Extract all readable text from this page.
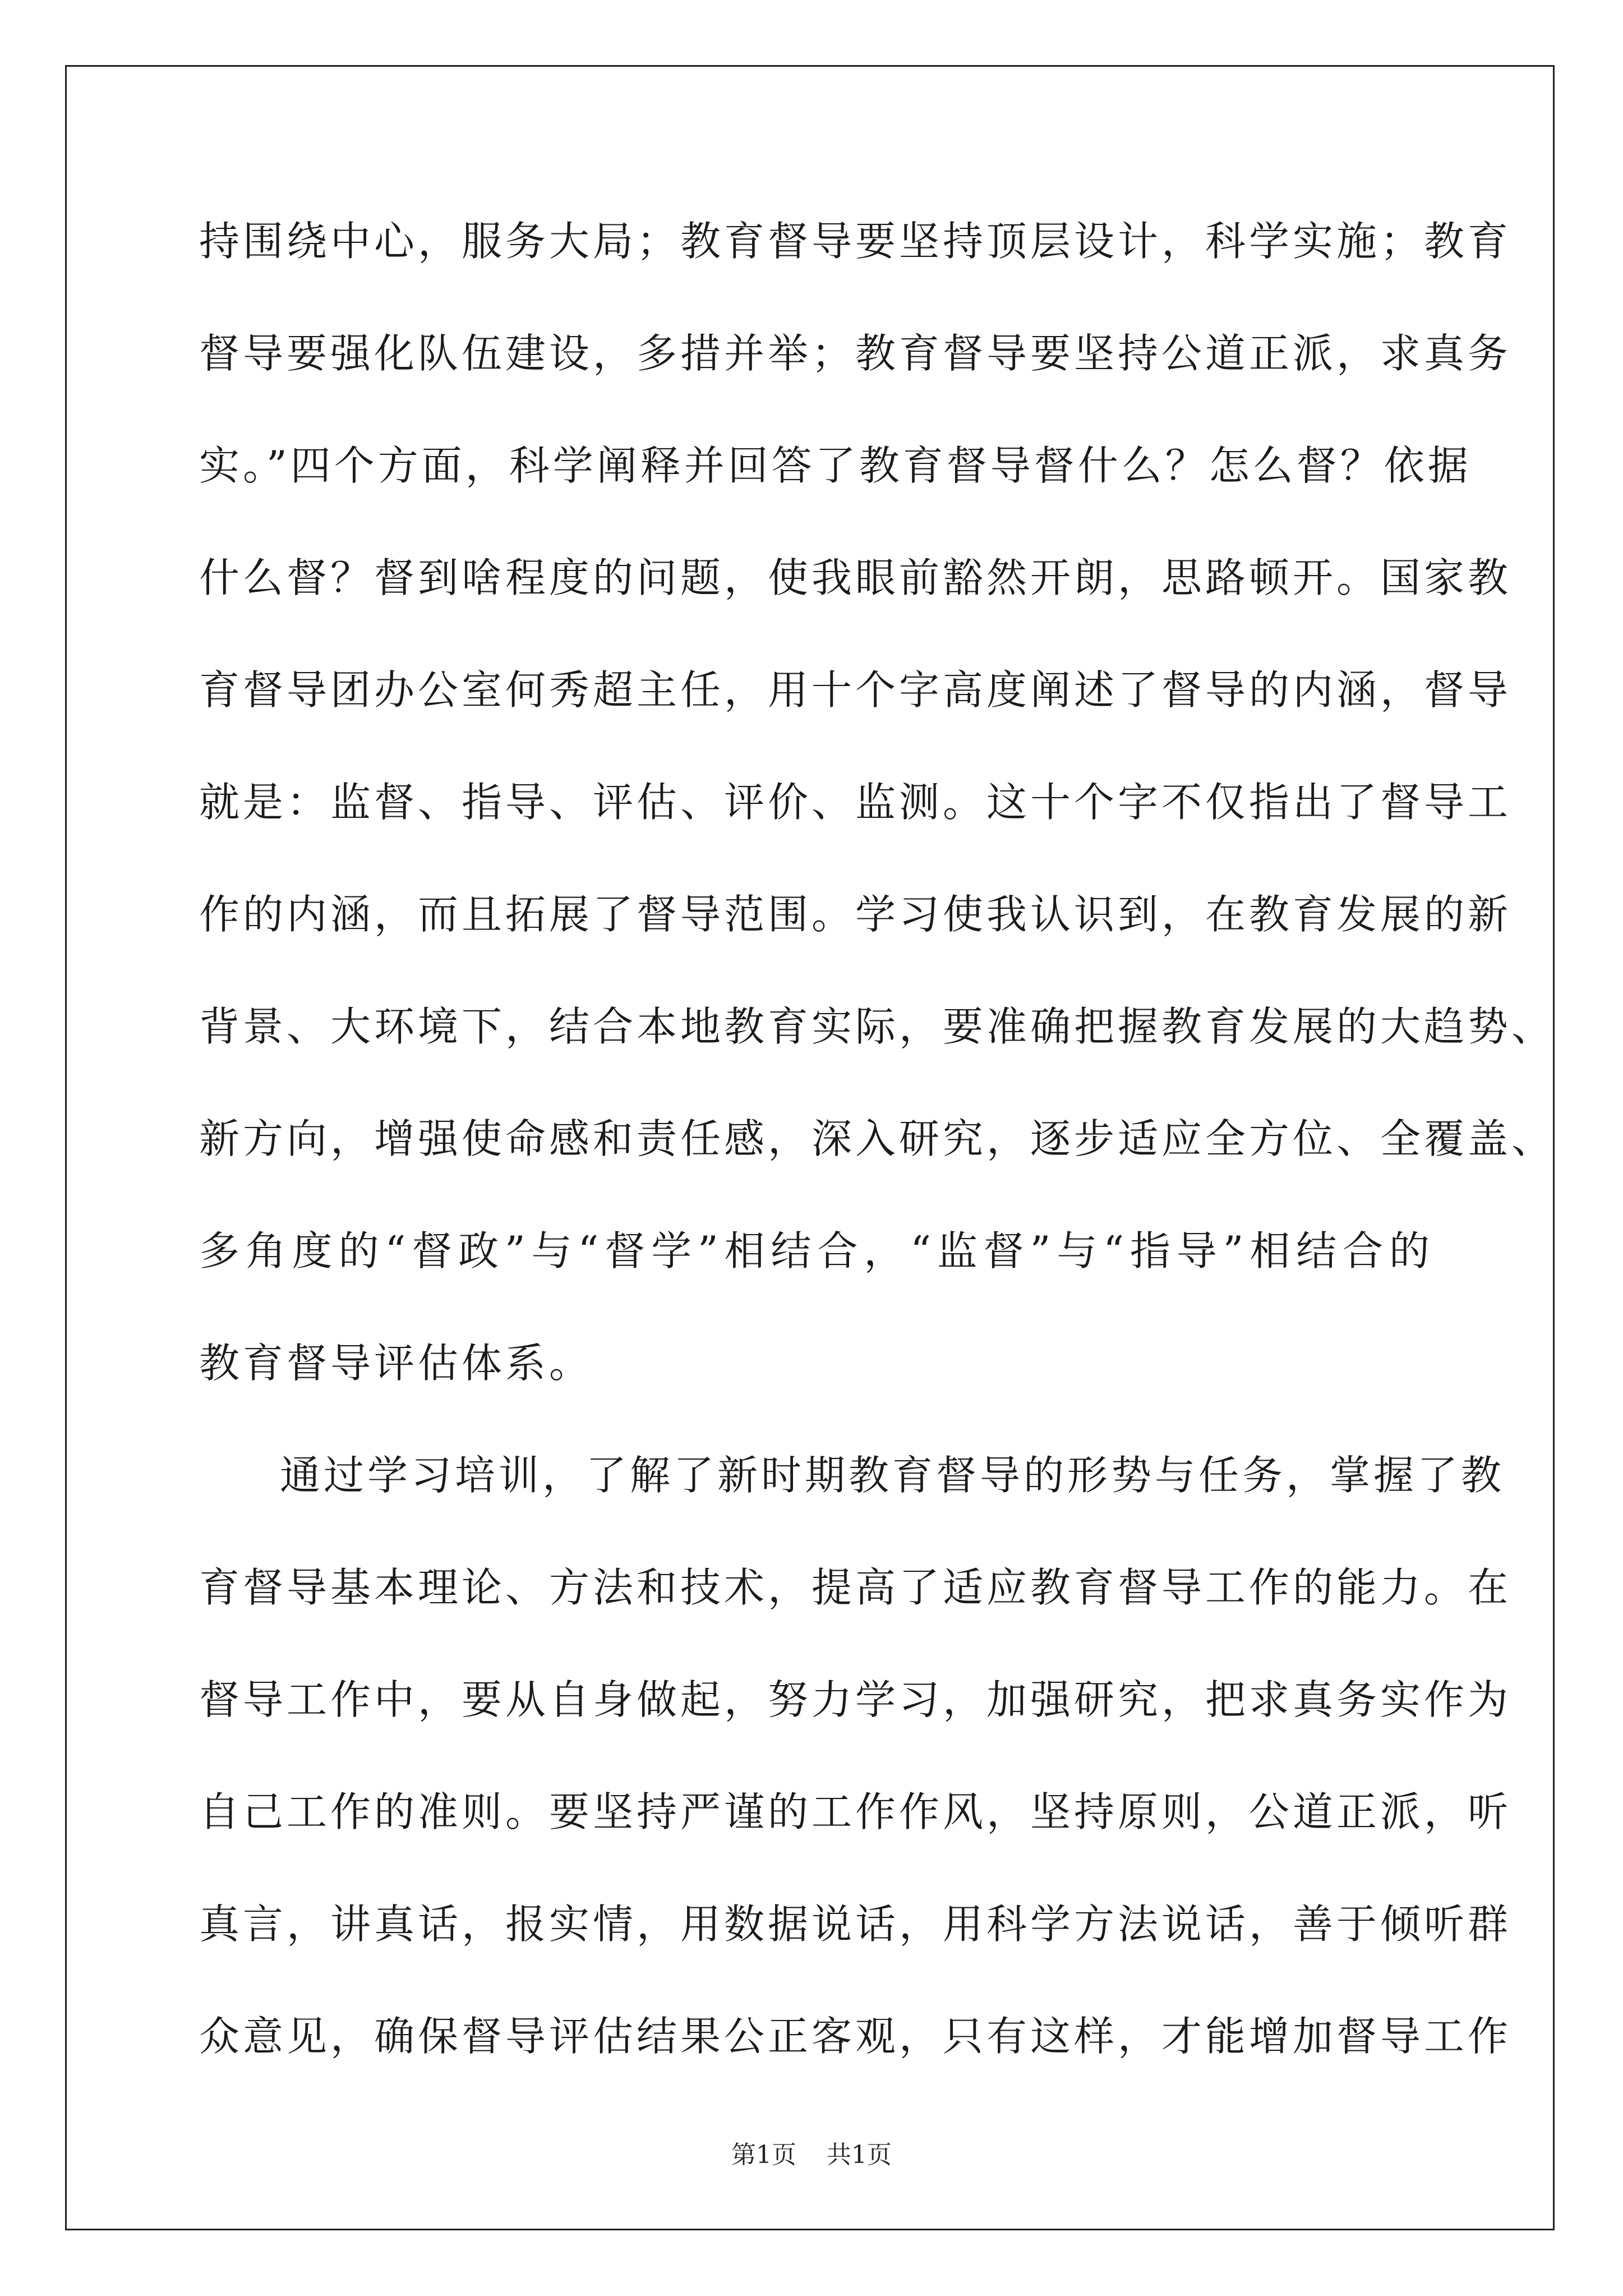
持围绕中心，服务大局；教育督导要坚持顶层设计，科学实施；教育
督导要强化队伍建设，多措并举；教育督导要坚持公道正派，求真务
实。”四个方面，科学阐释并回答了教育督导督什么？怎么督？依据
什么督？督到啥程度的问题，使我眼前豁然开朗，思路顿开。国家教
育督导团办公室何秀超主任，用十个字高度阐述了督导的内涵，督导
就是：监督、指导、评估、评价、监测。这十个字不仅指出了督导工
作的内涵，而且拓展了督导范围。学习使我认识到，在教育发展的新
背景、大环境下，结合本地教育实际，要准确把握教育发展的大趋势、
新方向，增强使命感和责任感，深入研究，逐步适应全方位、全覆盖、
多角度的“督政”与“督学”相结合，“监督”与“指导”相结合的
教育督导评估体系。
通过学习培训，了解了新时期教育督导的形势与任务，掌握了教
育督导基本理论、方法和技术，提高了适应教育督导工作的能力。在
督导工作中，要从自身做起，努力学习，加强研究，把求真务实作为
自己工作的准则。要坚持严谨的工作作风，坚持原则，公道正派，听
真言，讲真话，报实情，用数据说话，用科学方法说话，善于倾听群
众意见，确保督导评估结果公正客观，只有这样，才能增加督导工作
第1页 共1页
